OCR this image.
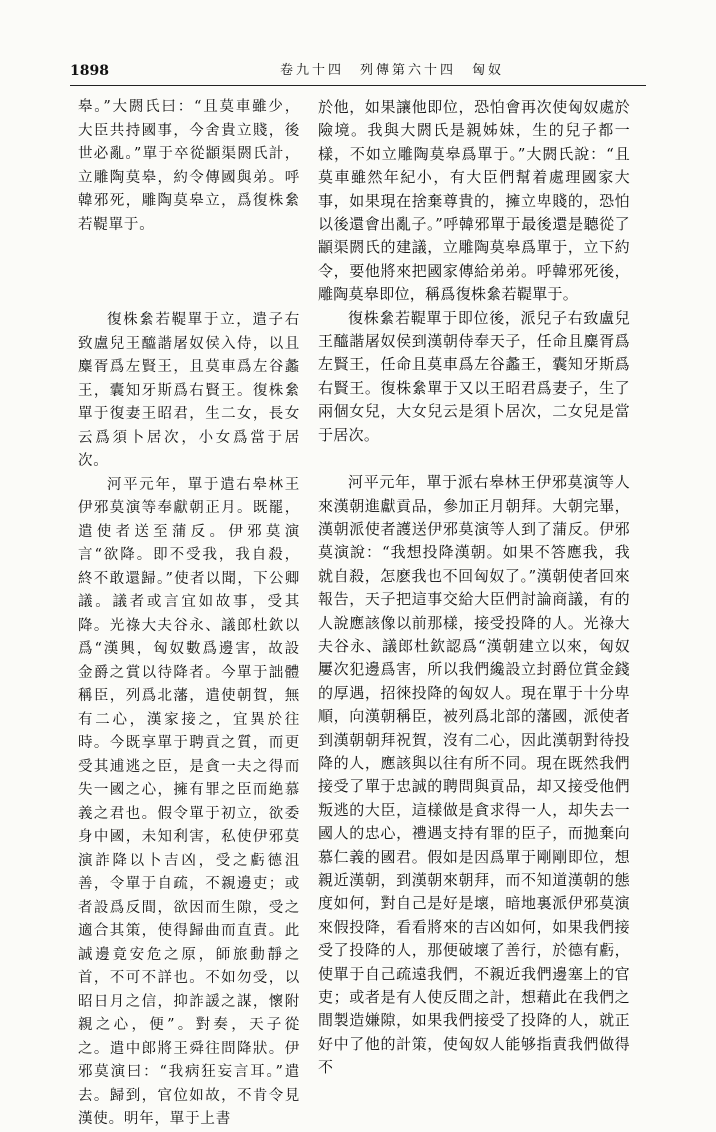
1898	卷九十四　列傳第六十四　匈奴

皋。”大閼氏曰：“且莫車雖少，大臣共持國事，今舍貴立賤，後世必亂。”單于卒從顓渠閼氏計，立雕陶莫皋，約令傳國與弟。呼韓邪死，雕陶莫皋立，爲復株絫若鞮單于。

復株絫若鞮單于立，遣子右致盧兒王醯諧屠奴侯入侍，以且麋胥爲左賢王，且莫車爲左谷蠡王，囊知牙斯爲右賢王。復株絫單于復妻王昭君，生二女，長女云爲須卜居次，小女爲當于居次。

河平元年，單于遣右皋林王伊邪莫演等奉獻朝正月。既罷，遣使者送至蒲反。伊邪莫演言“欲降。即不受我，我自殺，終不敢還歸。”使者以聞，下公卿議。議者或言宜如故事，受其降。光祿大夫谷永、議郎杜欽以爲“漢興，匈奴數爲邊害，故設金爵之賞以待降者。今單于詘體稱臣，列爲北藩，遣使朝賀，無有二心，漢家接之，宜異於往時。今既享單于聘貢之質，而更受其逋逃之臣，是貪一夫之得而失一國之心，擁有罪之臣而絶慕義之君也。假令單于初立，欲委身中國，未知利害，私使伊邪莫演詐降以卜吉凶，受之虧德沮善，令單于自疏，不親邊吏；或者設爲反間，欲因而生隙，受之適合其策，使得歸曲而直責。此誠邊竟安危之原，師旅動靜之首，不可不詳也。不如勿受，以昭日月之信，抑詐諼之謀，懷附親之心，便”。對奏，天子從之。遣中郎將王舜往問降狀。伊邪莫演曰：“我病狂妄言耳。”遣去。歸到，官位如故，不肯令見漢使。明年，單于上書

於他，如果讓他即位，恐怕會再次使匈奴處於險境。我與大閼氏是親姊妹，生的兒子都一樣，不如立雕陶莫皋爲單于。”大閼氏說：“且莫車雖然年紀小，有大臣們幫着處理國家大事，如果現在捨棄尊貴的，擁立卑賤的，恐怕以後還會出亂子。”呼韓邪單于最後還是聽從了顓渠閼氏的建議，立雕陶莫皋爲單于，立下約令，要他將來把國家傳給弟弟。呼韓邪死後，雕陶莫皋即位，稱爲復株絫若鞮單于。

復株絫若鞮單于即位後，派兒子右致盧兒王醯諧屠奴侯到漢朝侍奉天子，任命且麋胥爲左賢王，任命且莫車爲左谷蠡王，囊知牙斯爲右賢王。復株絫單于又以王昭君爲妻子，生了兩個女兒，大女兒云是須卜居次，二女兒是當于居次。

河平元年，單于派右皋林王伊邪莫演等人來漢朝進獻貢品，參加正月朝拜。大朝完畢，漢朝派使者護送伊邪莫演等人到了蒲反。伊邪莫演說：“我想投降漢朝。如果不答應我，我就自殺，怎麽我也不回匈奴了。”漢朝使者回來報告，天子把這事交給大臣們討論商議，有的人說應該像以前那樣，接受投降的人。光祿大夫谷永、議郎杜欽認爲“漢朝建立以來，匈奴屢次犯邊爲害，所以我們纔設立封爵位賞金錢的厚遇，招徠投降的匈奴人。現在單于十分卑順，向漢朝稱臣，被列爲北部的藩國，派使者到漢朝朝拜祝賀，沒有二心，因此漢朝對待投降的人，應該與以往有所不同。現在既然我們接受了單于忠誠的聘問與貢品，却又接受他們叛逃的大臣，這樣做是貪求得一人，却失去一國人的忠心，禮遇支持有罪的臣子，而拋棄向慕仁義的國君。假如是因爲單于剛剛即位，想親近漢朝，到漢朝來朝拜，而不知道漢朝的態度如何，對自己是好是壞，暗地裏派伊邪莫演來假投降，看看將來的吉凶如何，如果我們接受了投降的人，那便破壞了善行，於德有虧，使單于自己疏遠我們，不親近我們邊塞上的官吏；或者是有人使反間之計，想藉此在我們之間製造嫌隙，如果我們接受了投降的人，就正好中了他的計策，使匈奴人能够指責我們做得不
